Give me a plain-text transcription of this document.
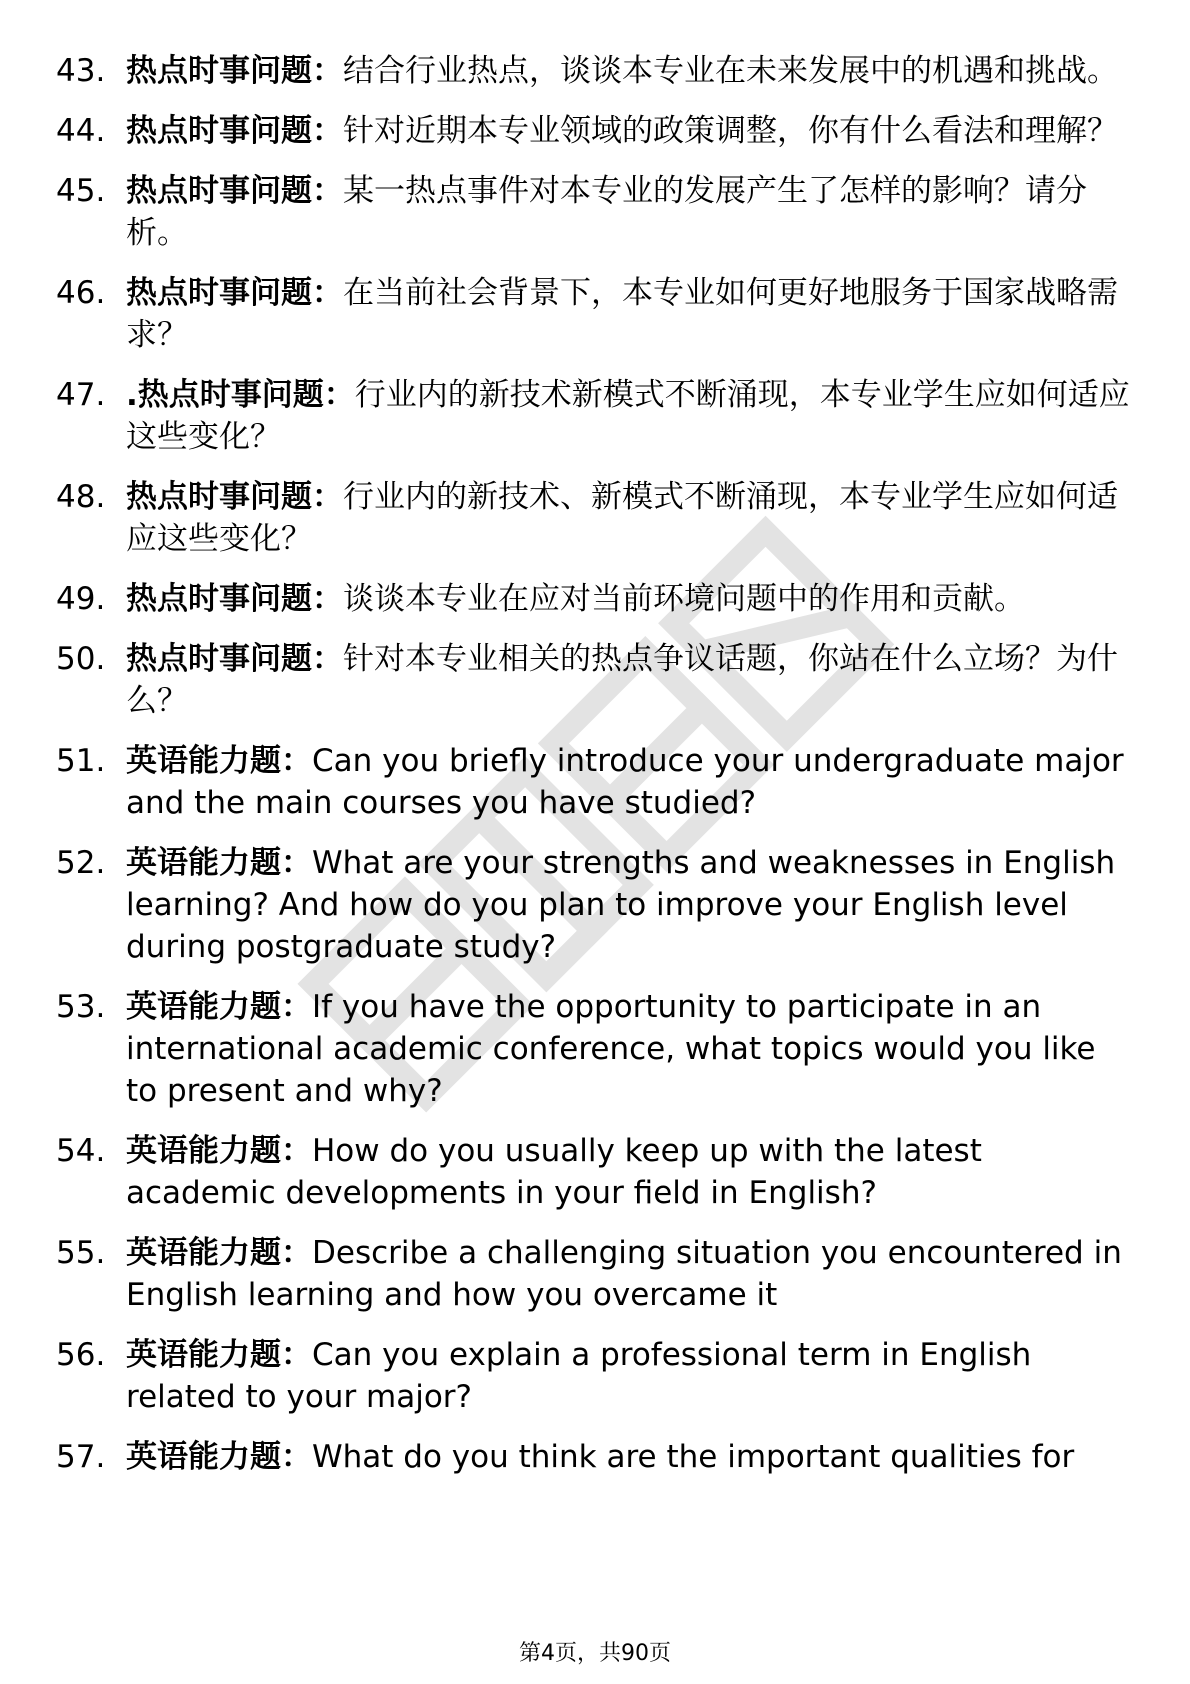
43. 热点时事问题：结合行业热点，谈谈本专业在未来发展中的机遇和挑战。
44. 热点时事问题：针对近期本专业领域的政策调整，你有什么看法和理解？
45. 热点时事问题：某一热点事件对本专业的发展产生了怎样的影响？请分析。
46. 热点时事问题：在当前社会背景下，本专业如何更好地服务于国家战略需求？
47. .热点时事问题：行业内的新技术新模式不断涌现，本专业学生应如何适应这些变化？
48. 热点时事问题：行业内的新技术、新模式不断涌现，本专业学生应如何适应这些变化？
49. 热点时事问题：谈谈本专业在应对当前环境问题中的作用和贡献。
50. 热点时事问题：针对本专业相关的热点争议话题，你站在什么立场？为什么？
51. 英语能力题：Can you briefly introduce your undergraduate major and the main courses you have studied?
52. 英语能力题：What are your strengths and weaknesses in English learning? And how do you plan to improve your English level during postgraduate study?
53. 英语能力题：If you have the opportunity to participate in an international academic conference, what topics would you like to present and why?
54. 英语能力题：How do you usually keep up with the latest academic developments in your field in English?
55. 英语能力题：Describe a challenging situation you encountered in English learning and how you overcame it
56. 英语能力题：Can you explain a professional term in English related to your major?
57. 英语能力题：What do you think are the important qualities for
第4页，共90页
